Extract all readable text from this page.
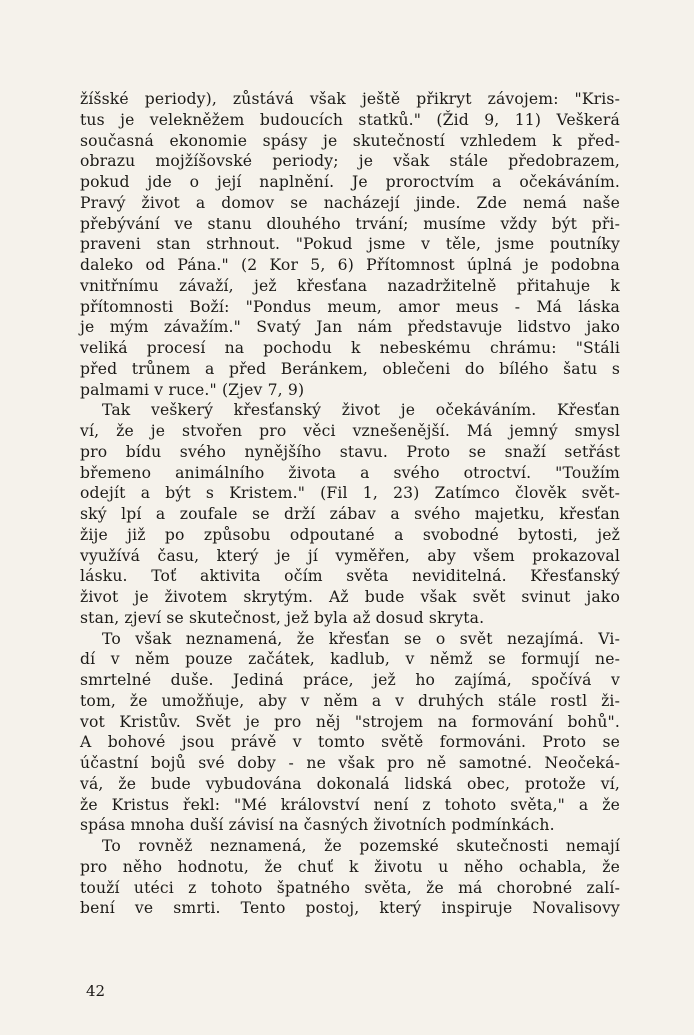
žíšské periody), zůstává však ještě přikryt závojem: "Kris-
tus je velekněžem budoucích statků." (Žid 9, 11) Veškerá
současná ekonomie spásy je skutečností vzhledem k před-
obrazu mojžíšovské periody; je však stále předobrazem,
pokud jde o její naplnění. Je proroctvím a očekáváním.
Pravý život a domov se nacházejí jinde. Zde nemá naše
přebývání ve stanu dlouhého trvání; musíme vždy být při-
praveni stan strhnout. "Pokud jsme v těle, jsme poutníky
daleko od Pána." (2 Kor 5, 6) Přítomnost úplná je podobna
vnitřnímu závaží, jež křesťana nazadržitelně přitahuje k
přítomnosti Boží: "Pondus meum, amor meus - Má láska
je mým závažím." Svatý Jan nám představuje lidstvo jako
veliká procesí na pochodu k nebeskému chrámu: "Stáli
před trůnem a před Beránkem, oblečeni do bílého šatu s
palmami v ruce." (Zjev 7, 9)
Tak veškerý křesťanský život je očekáváním. Křesťan
ví, že je stvořen pro věci vznešenější. Má jemný smysl
pro bídu svého nynějšího stavu. Proto se snaží setřást
břemeno animálního života a svého otroctví. "Toužím
odejít a být s Kristem." (Fil 1, 23) Zatímco člověk svět-
ský lpí a zoufale se drží zábav a svého majetku, křesťan
žije již po způsobu odpoutané a svobodné bytosti, jež
využívá času, který je jí vyměřen, aby všem prokazoval
lásku. Toť aktivita očím světa neviditelná. Křesťanský
život je životem skrytým. Až bude však svět svinut jako
stan, zjeví se skutečnost, jež byla až dosud skryta.
To však neznamená, že křesťan se o svět nezajímá. Vi-
dí v něm pouze začátek, kadlub, v němž se formují ne-
smrtelné duše. Jediná práce, jež ho zajímá, spočívá v
tom, že umožňuje, aby v něm a v druhých stále rostl ži-
vot Kristův. Svět je pro něj "strojem na formování bohů".
A bohové jsou právě v tomto světě formováni. Proto se
účastní bojů své doby - ne však pro ně samotné. Neočeká-
vá, že bude vybudována dokonalá lidská obec, protože ví,
že Kristus řekl: "Mé království není z tohoto světa," a že
spása mnoha duší závisí na časných životních podmínkách.
To rovněž neznamená, že pozemské skutečnosti nemají
pro něho hodnotu, že chuť k životu u něho ochabla, že
touží utéci z tohoto špatného světa, že má chorobné zalí-
bení ve smrti. Tento postoj, který inspiruje Novalisovy
42
